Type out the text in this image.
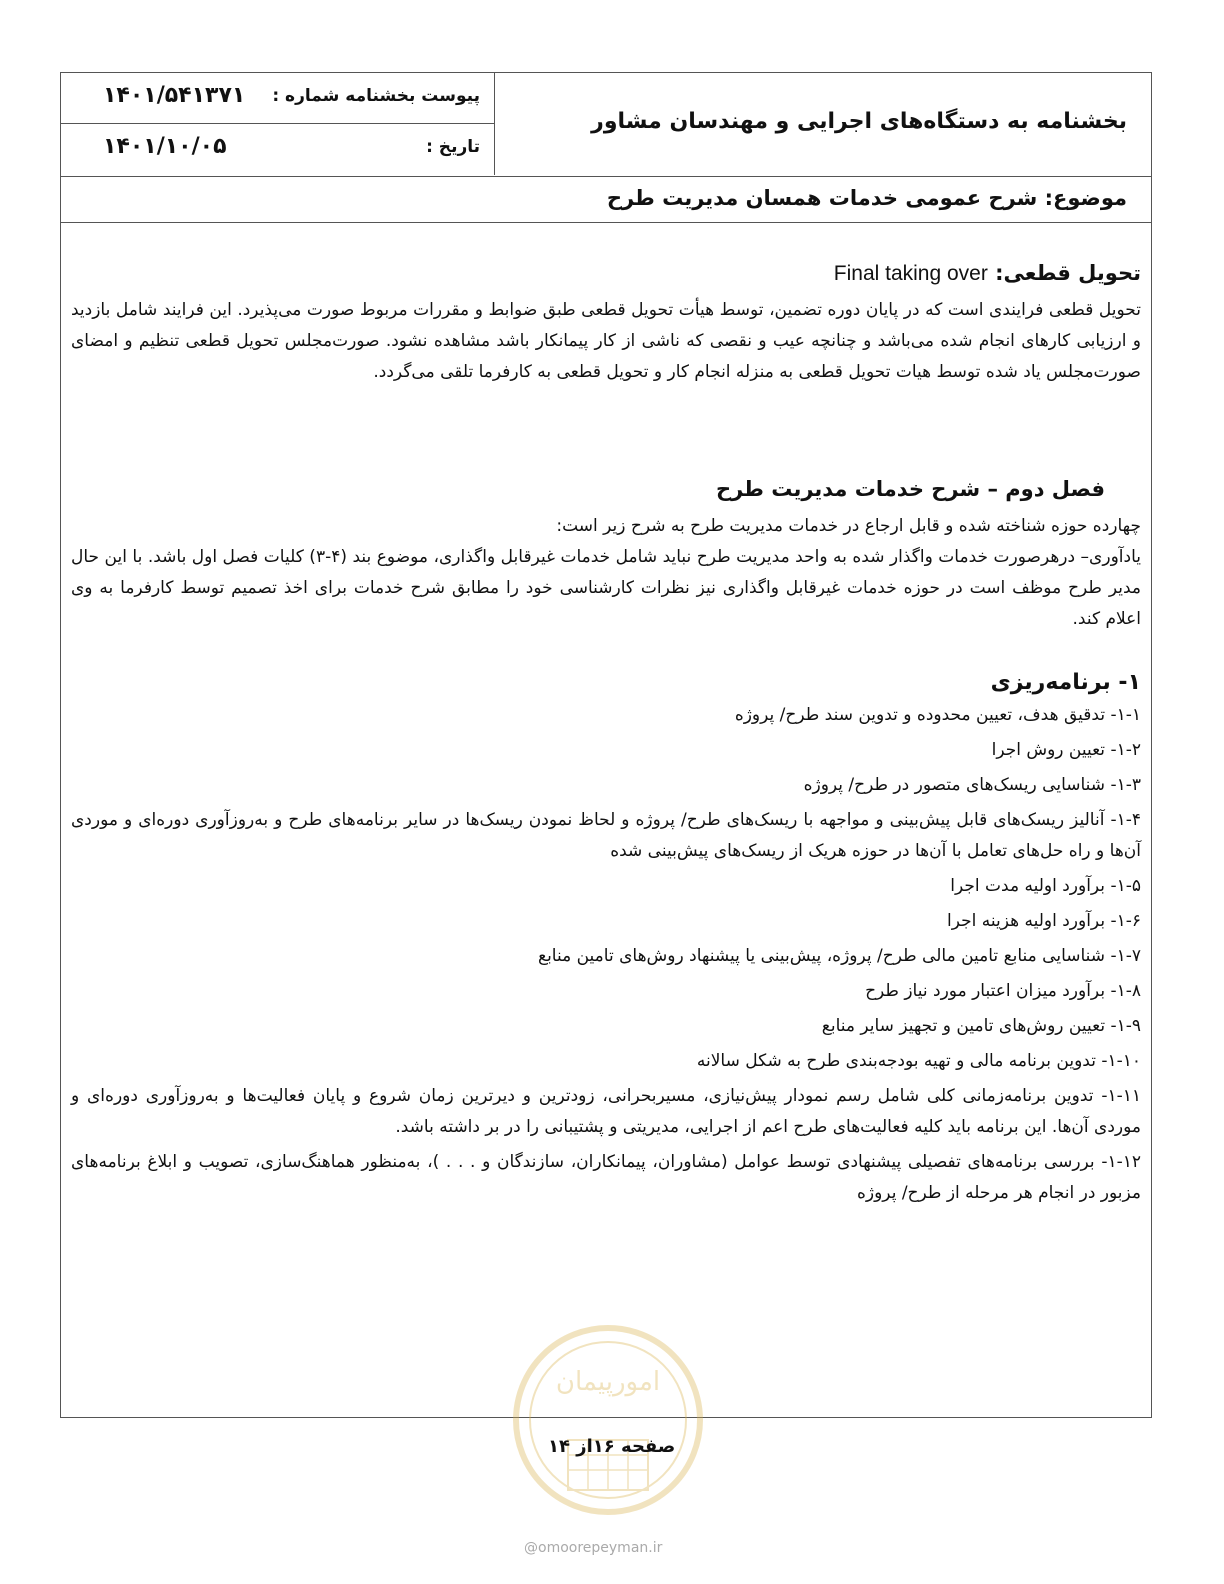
پیوست بخشنامه شماره :
۱۴۰۱/۵۴۱۳۷۱
تاریخ :
۱۴۰۱/۱۰/۰۵
بخشنامه به دستگاه‌های اجرایی و مهندسان مشاور
موضوع: شرح عمومی خدمات همسان مدیریت طرح
تحویل قطعی: Final taking over

تحویل قطعی فرایندی است که در پایان دوره تضمین، توسط هیأت تحویل قطعی طبق ضوابط و مقررات مربوط صورت می‌پذیرد. این فرایند شامل بازدید و ارزیابی کارهای انجام شده می‌باشد و چنانچه عیب و نقصی که ناشی از کار پیمانکار باشد مشاهده نشود. صورت‌مجلس تحویل قطعی تنظیم و امضای صورت‌مجلس یاد شده توسط هیات تحویل قطعی به منزله انجام کار و تحویل قطعی به کارفرما تلقی می‌گردد.

فصل دوم – شرح خدمات مدیریت طرح

چهارده حوزه شناخته شده و قابل ارجاع در خدمات مدیریت طرح به شرح زیر است:

یادآوری– درهرصورت خدمات واگذار شده به واحد مدیریت طرح نباید شامل خدمات غیرقابل واگذاری، موضوع بند (۴-۳) کلیات فصل اول باشد. با این حال مدیر طرح موظف است در حوزه خدمات غیرقابل واگذاری نیز نظرات کارشناسی خود را مطابق شرح خدمات برای اخذ تصمیم توسط کارفرما به وی اعلام کند.

۱- برنامه‌ریزی

۱-۱- تدقیق هدف، تعیین محدوده و تدوین سند طرح/ پروژه

۱-۲- تعیین روش اجرا

۱-۳- شناسایی ریسک‌های متصور در طرح/ پروژه

۱-۴- آنالیز ریسک‌های قابل پیش‌بینی و مواجهه با ریسک‌های طرح/ پروژه و لحاظ نمودن ریسک‌ها در سایر برنامه‌های طرح و به‌روزآوری دوره‌ای و موردی آن‌ها و راه حل‌های تعامل با آن‌ها در حوزه هریک از ریسک‌های پیش‌بینی شده

۱-۵- برآورد اولیه مدت اجرا

۱-۶- برآورد اولیه هزینه اجرا

۱-۷- شناسایی منابع تامین مالی طرح/ پروژه، پیش‌بینی یا پیشنهاد روش‌های تامین منابع

۱-۸- برآورد میزان اعتبار مورد نیاز طرح

۱-۹- تعیین روش‌های تامین و تجهیز سایر منابع

۱-۱۰- تدوین برنامه مالی و تهیه بودجه‌بندی طرح به شکل سالانه

۱-۱۱- تدوین برنامه‌زمانی کلی شامل رسم نمودار پیش‌نیازی، مسیربحرانی، زودترین و دیرترین زمان شروع و پایان فعالیت‌ها و به‌روزآوری دوره‌ای و موردی آن‌ها. این برنامه باید کلیه فعالیت‌های طرح اعم از اجرایی، مدیریتی و پشتیبانی را در بر داشته باشد.

۱-۱۲- بررسی برنامه‌های تفصیلی پیشنهادی توسط عوامل (مشاوران، پیمانکاران، سازندگان و . . . )، به‌منظور هماهنگ‌سازی، تصویب و ابلاغ برنامه‌های مزبور در انجام هر مرحله از طرح/ پروژه

امورپیمان
صفحه ۱۶از ۱۴
@omoorepeyman.ir
